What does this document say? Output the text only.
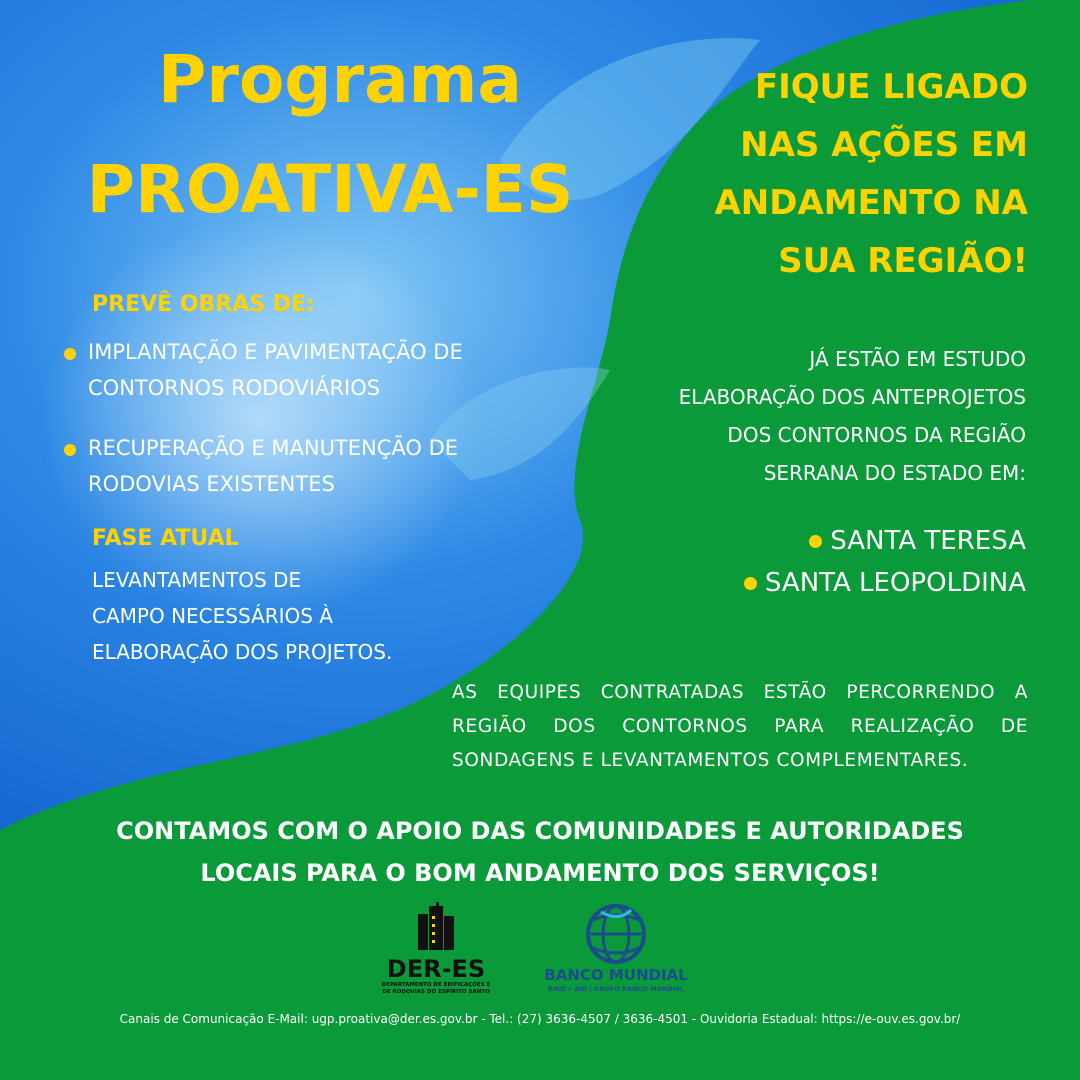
Programa
PROATIVA-ES
FIQUE LIGADO
NAS AÇÕES EM
ANDAMENTO NA
SUA REGIÃO!
PREVÊ OBRAS DE:
IMPLANTAÇÃO E PAVIMENTAÇÃO DE
CONTORNOS RODOVIÁRIOS
RECUPERAÇÃO E MANUTENÇÃO DE
RODOVIAS EXISTENTES
FASE ATUAL
LEVANTAMENTOS DE
CAMPO NECESSÁRIOS À
ELABORAÇÃO DOS PROJETOS.
JÁ ESTÃO EM ESTUDO
ELABORAÇÃO DOS ANTEPROJETOS
DOS CONTORNOS DA REGIÃO
SERRANA DO ESTADO EM:
SANTA TERESA
SANTA LEOPOLDINA
AS EQUIPES CONTRATADAS ESTÃO PERCORRENDO A REGIÃO DOS CONTORNOS PARA REALIZAÇÃO DE SONDAGENS E LEVANTAMENTOS COMPLEMENTARES.
CONTAMOS COM O APOIO DAS COMUNIDADES E AUTORIDADES
LOCAIS PARA O BOM ANDAMENTO DOS SERVIÇOS!
DER-ES
DEPARTAMENTO DE EDIFICAÇÕES E
DE RODOVIAS DO ESPÍRITO SANTO
BANCO MUNDIAL
BIRD • AID | GRUPO BANCO MUNDIAL
Canais de Comunicação E-Mail: ugp.proativa@der.es.gov.br - Tel.: (27) 3636-4507 / 3636-4501 - Ouvidoria Estadual: https://e-ouv.es.gov.br/
